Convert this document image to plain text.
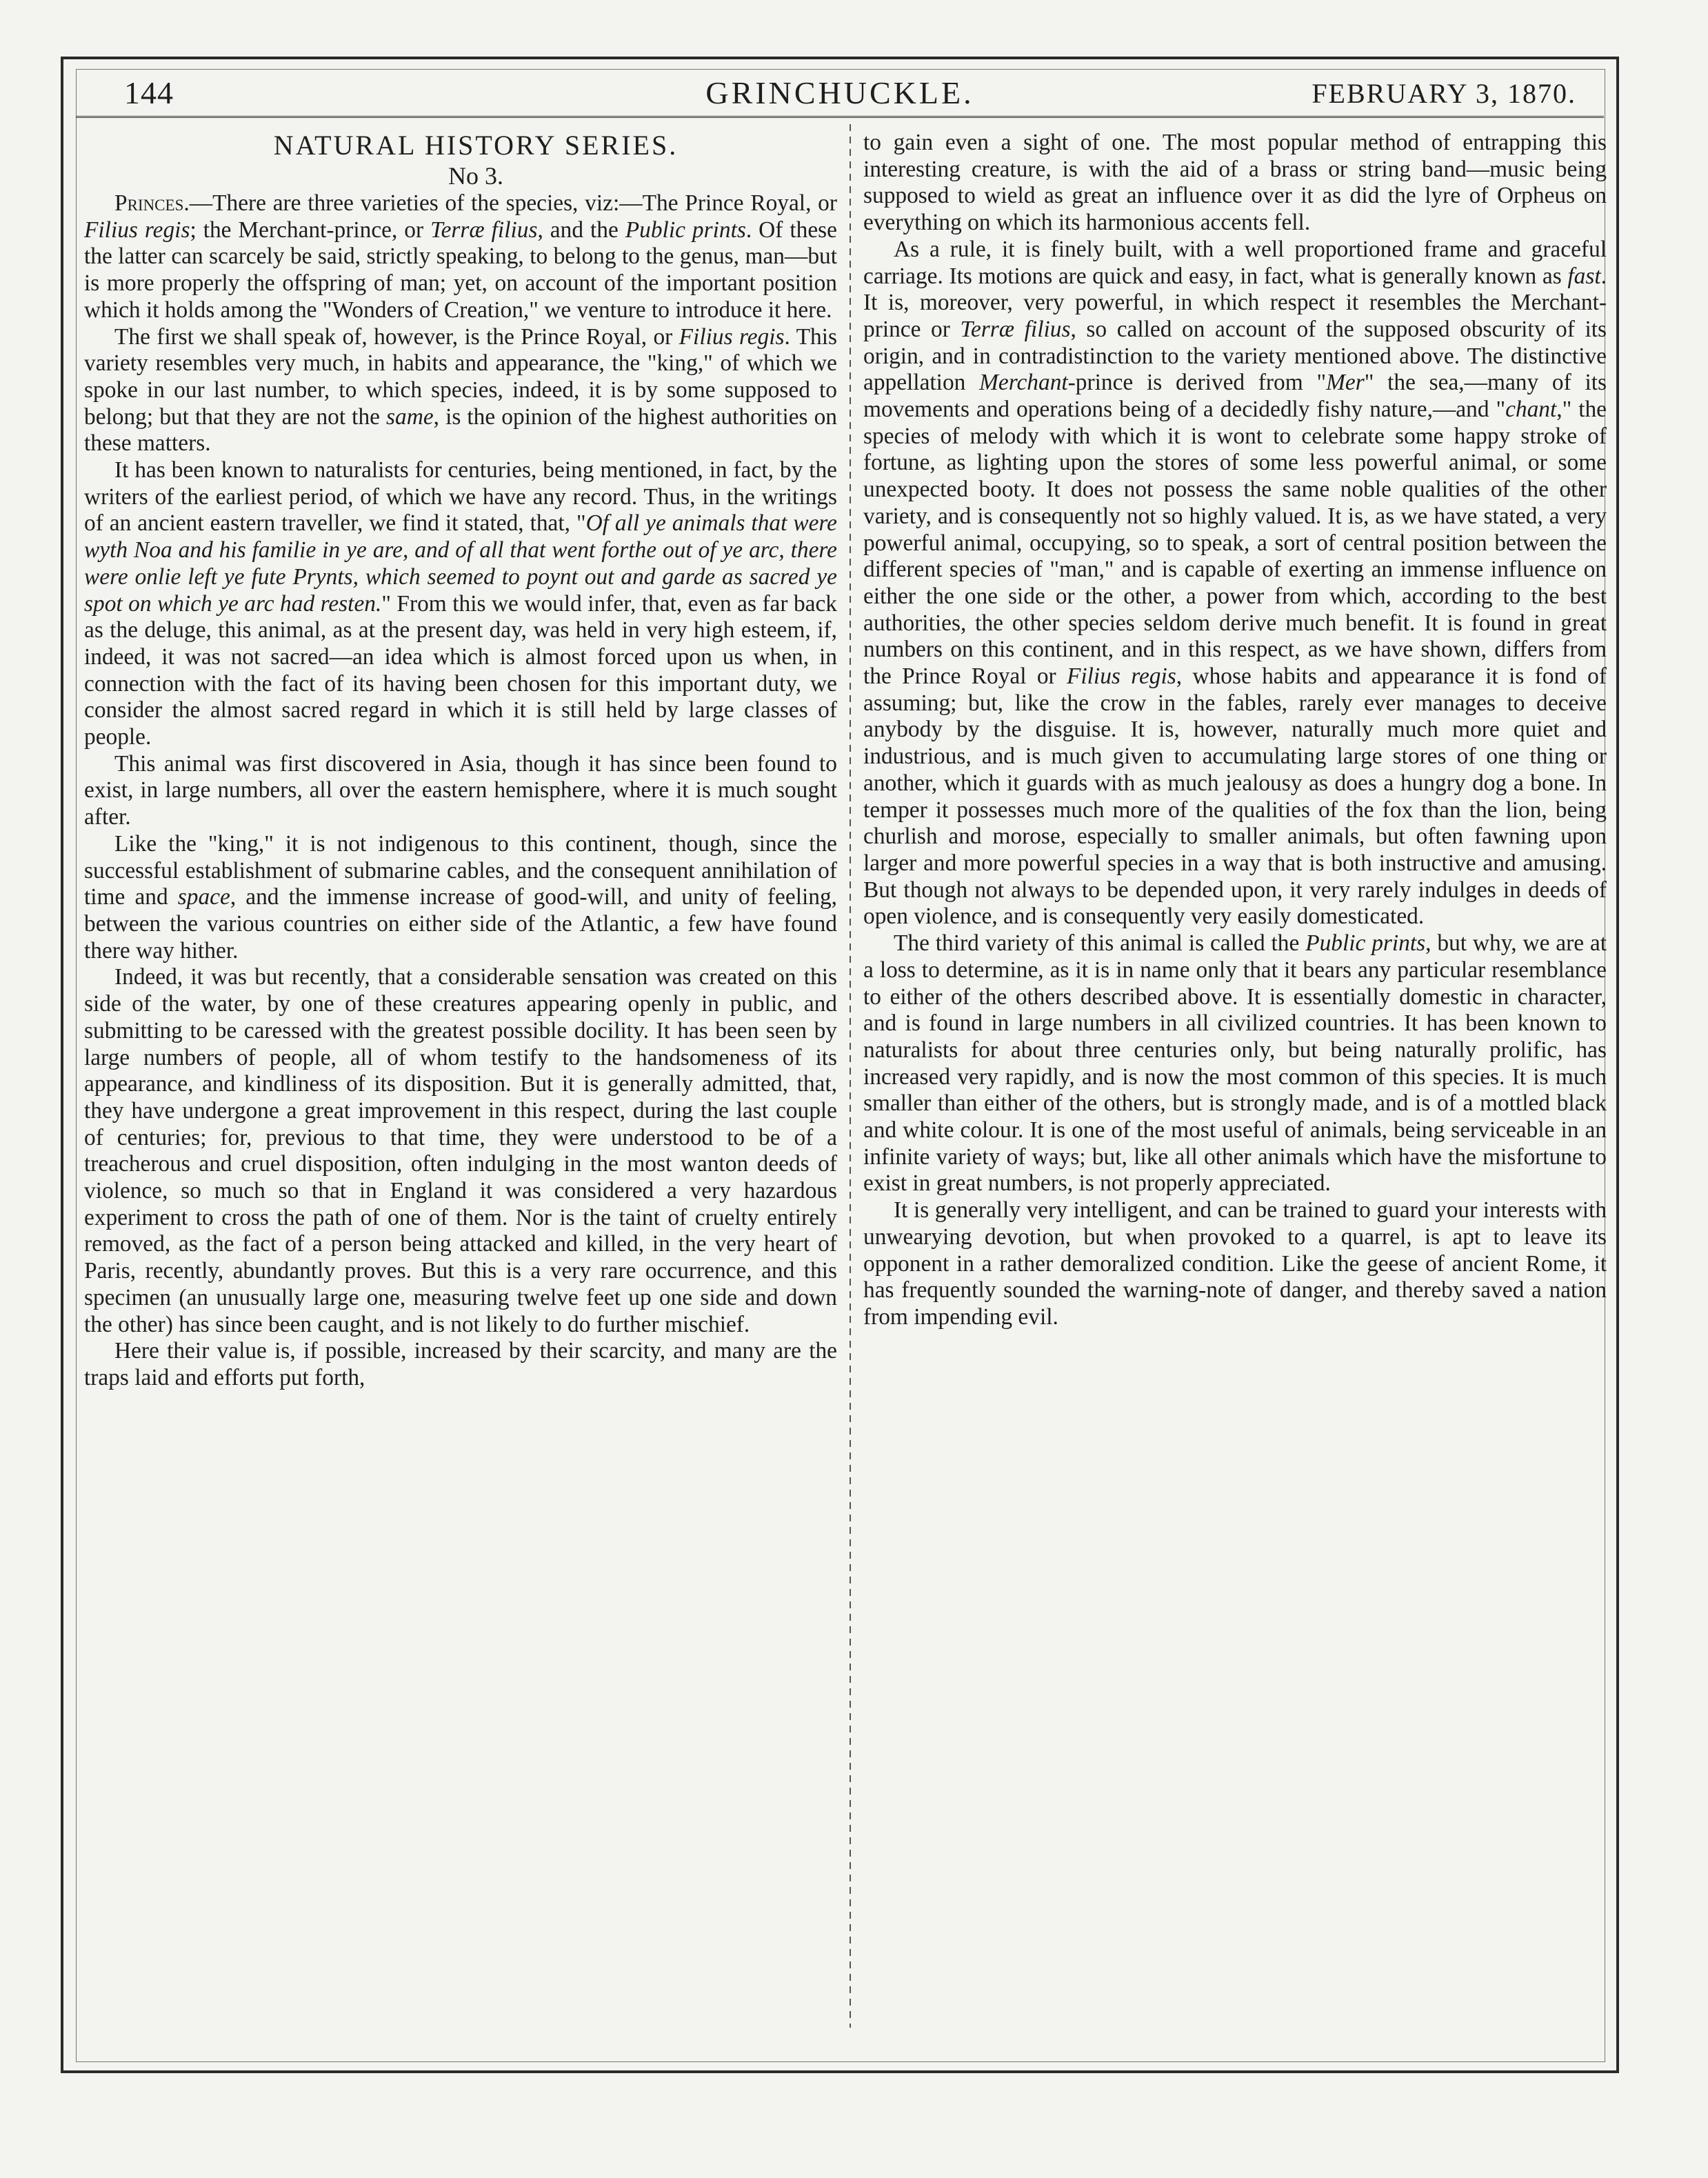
144	GRINCHUCKLE.	FEBRUARY 3, 1870.

NATURAL HISTORY SERIES.

No 3.

Princes.—There are three varieties of the species, viz:—The Prince Royal, or Filius regis; the Merchant-prince, or Terræ filius, and the Public prints. Of these the latter can scarcely be said, strictly speaking, to belong to the genus, man—but is more properly the offspring of man; yet, on account of the important position which it holds among the "Wonders of Creation," we venture to introduce it here.

The first we shall speak of, however, is the Prince Royal, or Filius regis. This variety resembles very much, in habits and appearance, the "king," of which we spoke in our last number, to which species, indeed, it is by some supposed to belong; but that they are not the same, is the opinion of the highest authorities on these matters.

It has been known to naturalists for centuries, being mentioned, in fact, by the writers of the earliest period, of which we have any record. Thus, in the writings of an ancient eastern traveller, we find it stated, that, "Of all ye animals that were wyth Noa and his familie in ye are, and of all that went forthe out of ye arc, there were onlie left ye fute Prynts, which seemed to poynt out and garde as sacred ye spot on which ye arc had resten." From this we would infer, that, even as far back as the deluge, this animal, as at the present day, was held in very high esteem, if, indeed, it was not sacred—an idea which is almost forced upon us when, in connection with the fact of its having been chosen for this important duty, we consider the almost sacred regard in which it is still held by large classes of people.

This animal was first discovered in Asia, though it has since been found to exist, in large numbers, all over the eastern hemisphere, where it is much sought after.

Like the "king," it is not indigenous to this continent, though, since the successful establishment of submarine cables, and the consequent annihilation of time and space, and the immense increase of good-will, and unity of feeling, between the various countries on either side of the Atlantic, a few have found there way hither.

Indeed, it was but recently, that a considerable sensation was created on this side of the water, by one of these creatures appearing openly in public, and submitting to be caressed with the greatest possible docility. It has been seen by large numbers of people, all of whom testify to the handsomeness of its appearance, and kindliness of its disposition. But it is generally admitted, that, they have undergone a great improvement in this respect, during the last couple of centuries; for, previous to that time, they were understood to be of a treacherous and cruel disposition, often indulging in the most wanton deeds of violence, so much so that in England it was considered a very hazardous experiment to cross the path of one of them. Nor is the taint of cruelty entirely removed, as the fact of a person being attacked and killed, in the very heart of Paris, recently, abundantly proves. But this is a very rare occurrence, and this specimen (an unusually large one, measuring twelve feet up one side and down the other) has since been caught, and is not likely to do further mischief.

Here their value is, if possible, increased by their scarcity, and many are the traps laid and efforts put forth,

to gain even a sight of one. The most popular method of entrapping this interesting creature, is with the aid of a brass or string band—music being supposed to wield as great an influence over it as did the lyre of Orpheus on everything on which its harmonious accents fell.

As a rule, it is finely built, with a well proportioned frame and graceful carriage. Its motions are quick and easy, in fact, what is generally known as fast. It is, moreover, very powerful, in which respect it resembles the Merchant-prince or Terræ filius, so called on account of the supposed obscurity of its origin, and in contradistinction to the variety mentioned above. The distinctive appellation Merchant-prince is derived from "Mer" the sea,—many of its movements and operations being of a decidedly fishy nature,—and "chant," the species of melody with which it is wont to celebrate some happy stroke of fortune, as lighting upon the stores of some less powerful animal, or some unexpected booty. It does not possess the same noble qualities of the other variety, and is consequently not so highly valued. It is, as we have stated, a very powerful animal, occupying, so to speak, a sort of central position between the different species of "man," and is capable of exerting an immense influence on either the one side or the other, a power from which, according to the best authorities, the other species seldom derive much benefit. It is found in great numbers on this continent, and in this respect, as we have shown, differs from the Prince Royal or Filius regis, whose habits and appearance it is fond of assuming; but, like the crow in the fables, rarely ever manages to deceive anybody by the disguise. It is, however, naturally much more quiet and industrious, and is much given to accumulating large stores of one thing or another, which it guards with as much jealousy as does a hungry dog a bone. In temper it possesses much more of the qualities of the fox than the lion, being churlish and morose, especially to smaller animals, but often fawning upon larger and more powerful species in a way that is both instructive and amusing. But though not always to be depended upon, it very rarely indulges in deeds of open violence, and is consequently very easily domesticated.

The third variety of this animal is called the Public prints, but why, we are at a loss to determine, as it is in name only that it bears any particular resemblance to either of the others described above. It is essentially domestic in character, and is found in large numbers in all civilized countries. It has been known to naturalists for about three centuries only, but being naturally prolific, has increased very rapidly, and is now the most common of this species. It is much smaller than either of the others, but is strongly made, and is of a mottled black and white colour. It is one of the most useful of animals, being serviceable in an infinite variety of ways; but, like all other animals which have the misfortune to exist in great numbers, is not properly appreciated.

It is generally very intelligent, and can be trained to guard your interests with unwearying devotion, but when provoked to a quarrel, is apt to leave its opponent in a rather demoralized condition. Like the geese of ancient Rome, it has frequently sounded the warning-note of danger, and thereby saved a nation from impending evil.
